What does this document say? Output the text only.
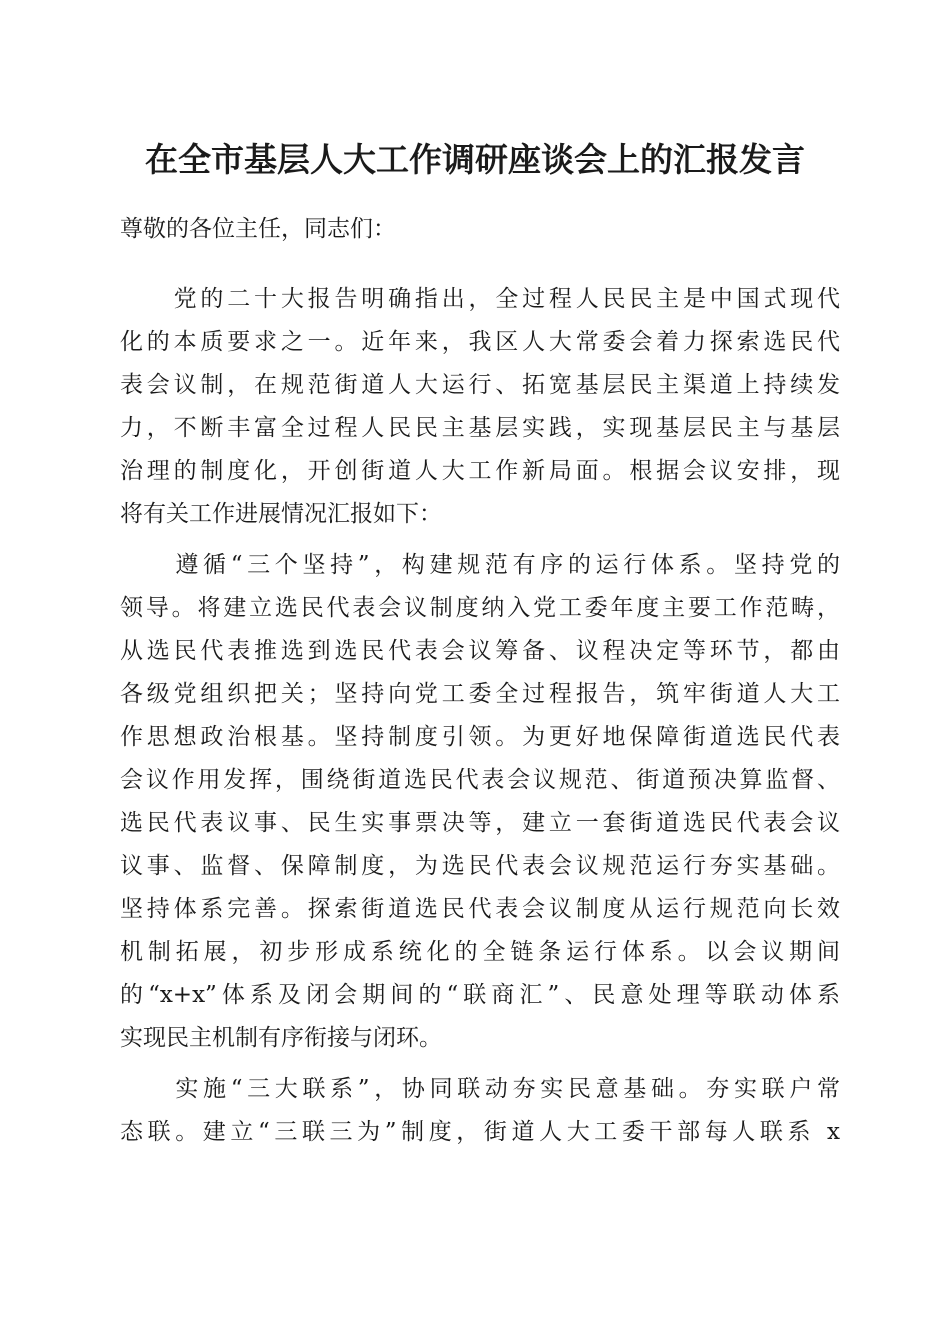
在全市基层人大工作调研座谈会上的汇报发言
尊敬的各位主任，同志们：
　　党的二十大报告明确指出，全过程人民民主是中国式现代
化的本质要求之一。近年来，我区人大常委会着力探索选民代
表会议制，在规范街道人大运行、拓宽基层民主渠道上持续发
力，不断丰富全过程人民民主基层实践，实现基层民主与基层
治理的制度化，开创街道人大工作新局面。根据会议安排，现
将有关工作进展情况汇报如下：
　　遵循“三个坚持”，构建规范有序的运行体系。坚持党的
领导。将建立选民代表会议制度纳入党工委年度主要工作范畴，
从选民代表推选到选民代表会议筹备、议程决定等环节，都由
各级党组织把关；坚持向党工委全过程报告，筑牢街道人大工
作思想政治根基。坚持制度引领。为更好地保障街道选民代表
会议作用发挥，围绕街道选民代表会议规范、街道预决算监督、
选民代表议事、民生实事票决等，建立一套街道选民代表会议
议事、监督、保障制度，为选民代表会议规范运行夯实基础。
坚持体系完善。探索街道选民代表会议制度从运行规范向长效
机制拓展，初步形成系统化的全链条运行体系。以会议期间
的“x+x”体系及闭会期间的“联商汇”、民意处理等联动体系
实现民主机制有序衔接与闭环。
　　实施“三大联系”，协同联动夯实民意基础。夯实联户常
态联。建立“三联三为”制度，街道人大工委干部每人联系 x
